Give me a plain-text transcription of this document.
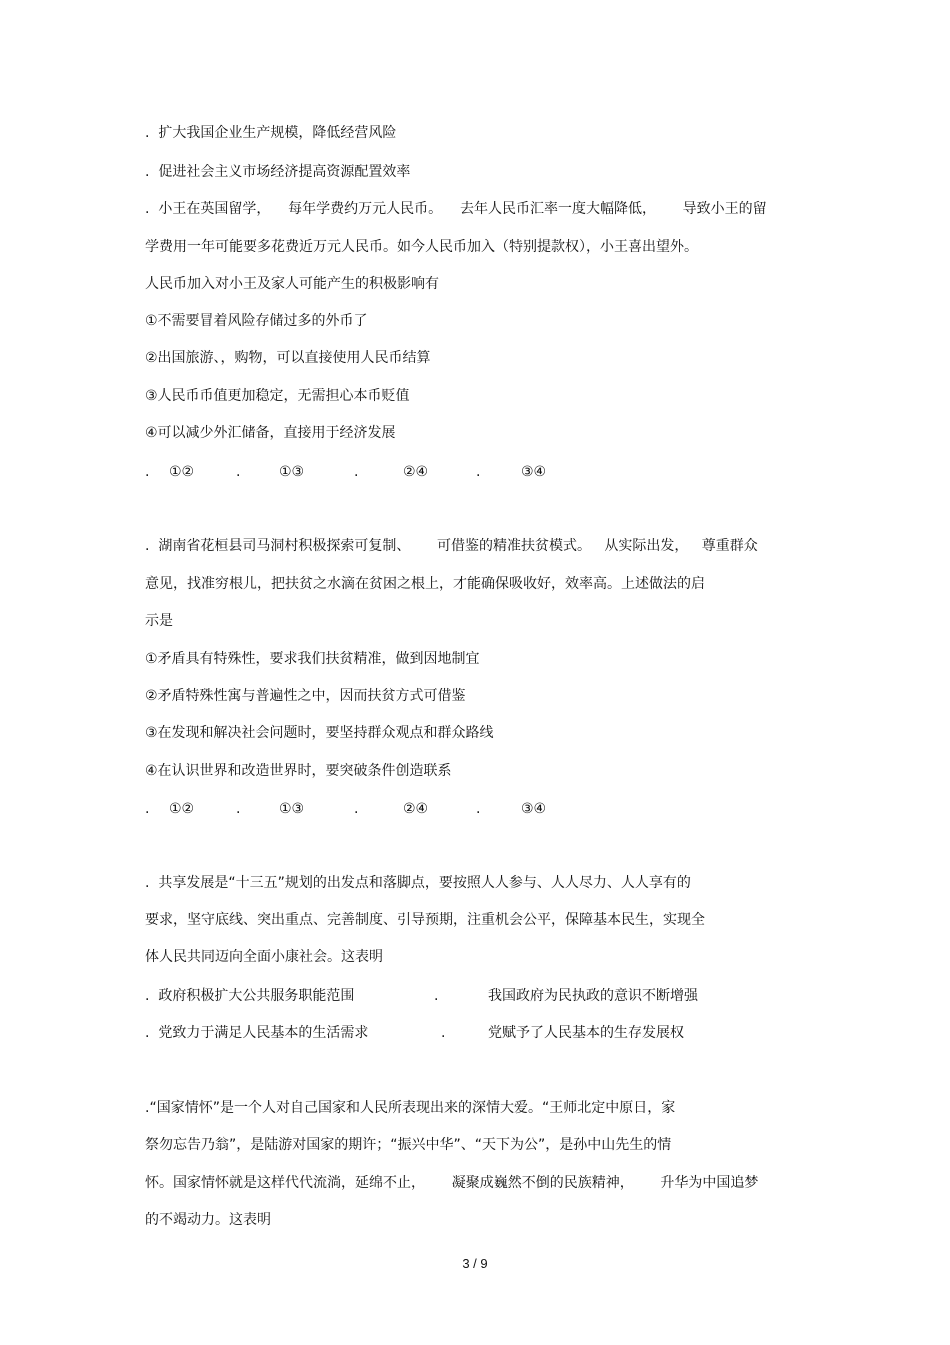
.  扩大我国企业生产规模，降低经营风险
.  促进社会主义市场经济提高资源配置效率
.  小王在英国留学，    每年学费约万元人民币。    去年人民币汇率一度大幅降低，      导致小王的留
学费用一年可能要多花费近万元人民币。如今人民币加入（特别提款权），小王喜出望外。
人民币加入对小王及家人可能产生的积极影响有
①不需要冒着风险存储过多的外币了
②出国旅游、，购物，可以直接使用人民币结算
③人民币币值更加稳定，无需担心本币贬值
④可以减少外汇储备，直接用于经济发展
. ①②	.	①③	.	②④	.	③④
.  湖南省花桓县司马洞村积极探索可复制、      可借鉴的精准扶贫模式。   从实际出发，   尊重群众
意见，找准穷根儿，把扶贫之水滴在贫困之根上，才能确保吸收好，效率高。上述做法的启
示是
①矛盾具有特殊性，要求我们扶贫精准，做到因地制宜
②矛盾特殊性寓与普遍性之中，因而扶贫方式可借鉴
③在发现和解决社会问题时，要坚持群众观点和群众路线
④在认识世界和改造世界时，要突破条件创造联系
. ①②	.	①③	.	②④	.	③④
.  共享发展是“十三五”规划的出发点和落脚点，要按照人人参与、人人尽力、人人享有的
要求，坚守底线、突出重点、完善制度、引导预期，注重机会公平，保障基本民生，实现全
体人民共同迈向全面小康社会。这表明
.  政府积极扩大公共服务职能范围	.	我国政府为民执政的意识不断增强
.  党致力于满足人民基本的生活需求	.	党赋予了人民基本的生存发展权
.“国家情怀”是一个人对自己国家和人民所表现出来的深情大爱。“王师北定中原日，家
祭勿忘告乃翁”，是陆游对国家的期许；“振兴中华”、“天下为公”，是孙中山先生的情
怀。国家情怀就是这样代代流淌，延绵不止，      凝聚成巍然不倒的民族精神，      升华为中国追梦
的不竭动力。这表明
3 / 9
